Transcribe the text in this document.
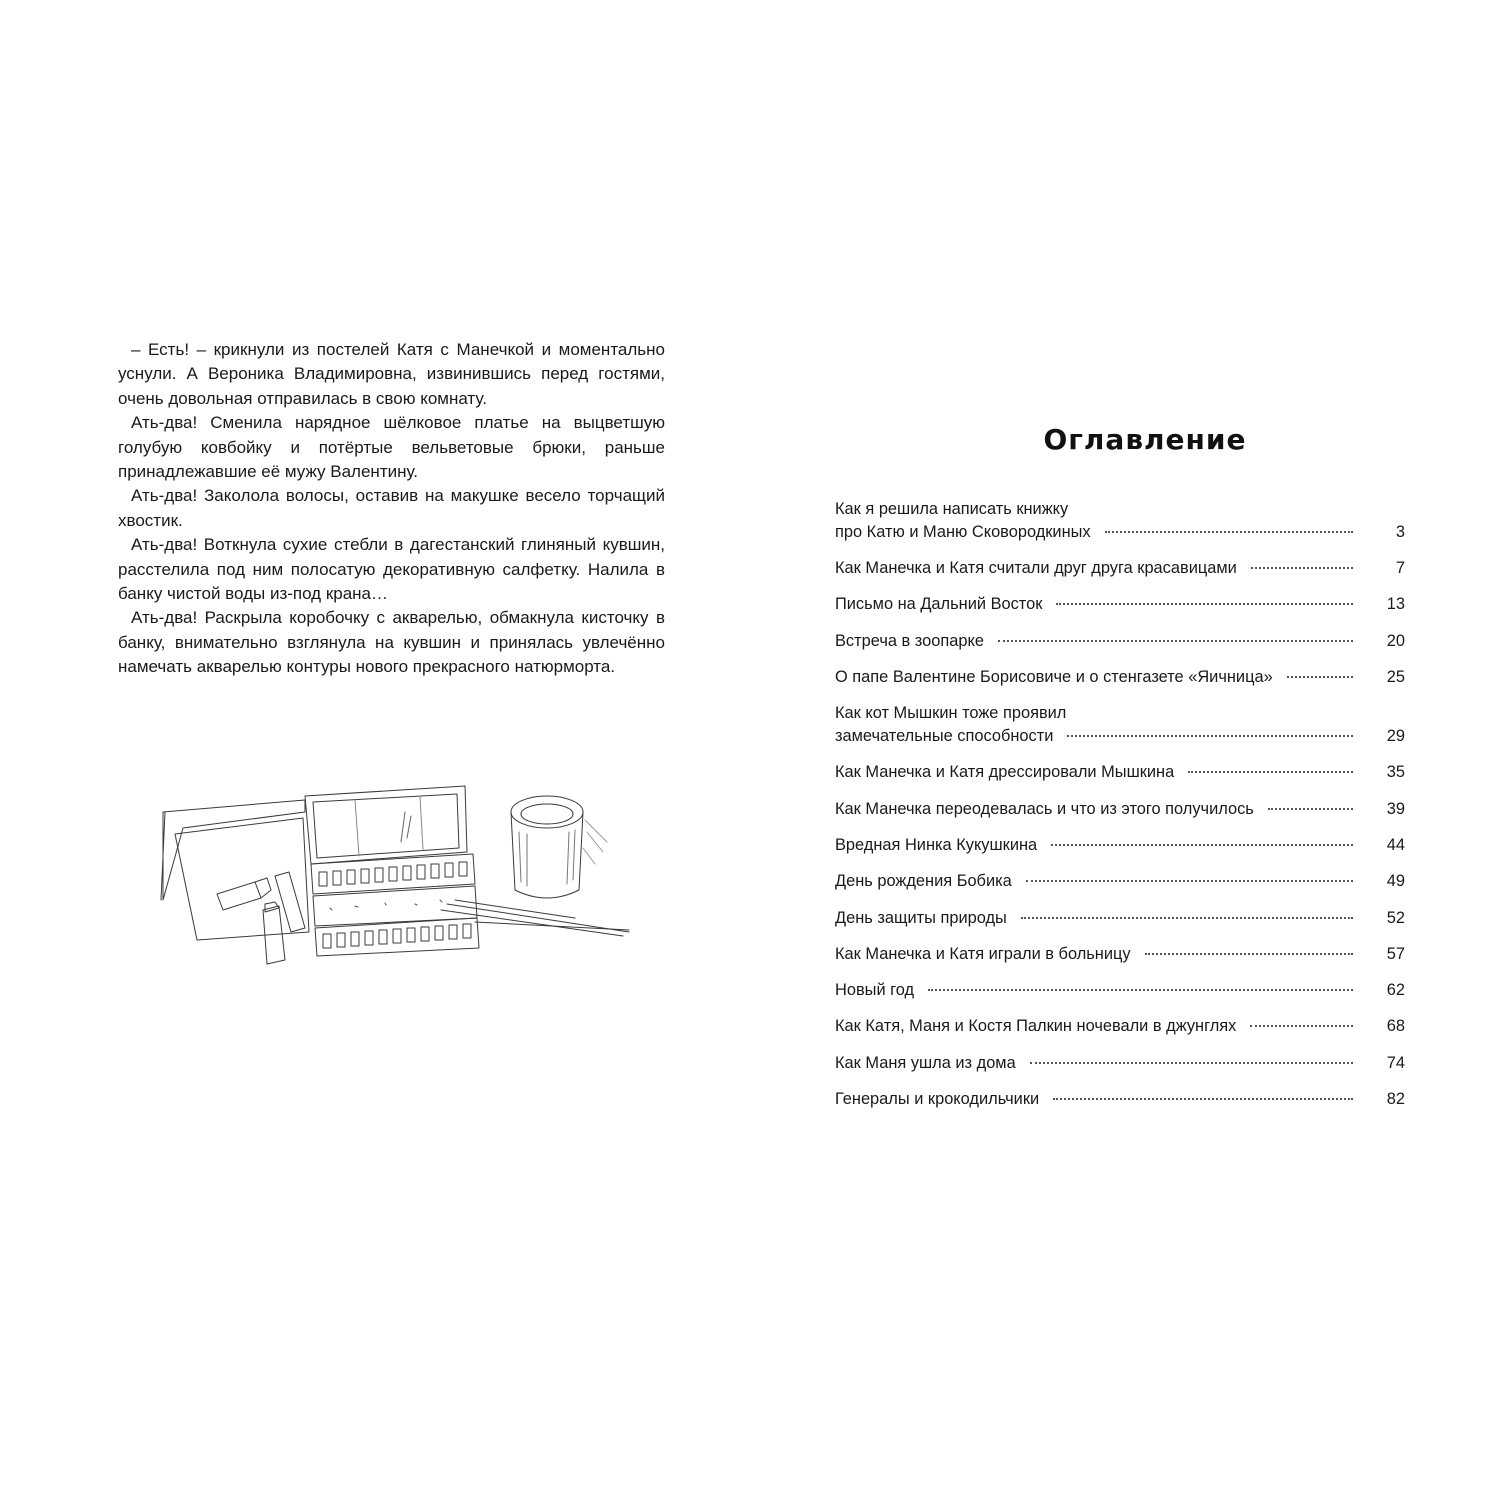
– Есть! – крикнули из постелей Катя с Манечкой и моментально уснули. А Вероника Владимировна, извинившись перед гостями, очень довольная отправилась в свою комнату.

Ать-два! Сменила нарядное шёлковое платье на выцветшую голубую ковбойку и потёртые вельветовые брюки, раньше принадлежавшие её мужу Валентину.

Ать-два! Заколола волосы, оставив на макушке весело торчащий хвостик.

Ать-два! Воткнула сухие стебли в дагестанский глиняный кувшин, расстелила под ним полосатую декоративную салфетку. Налила в банку чистой воды из-под крана…

Ать-два! Раскрыла коробочку с акварелью, обмакнула кисточку в банку, внимательно взглянула на кувшин и принялась увлечённо намечать акварелью контуры нового прекрасного натюрморта.

Оглавление
Как я решила написать книжку
про Катю и Маню Сковородкиных	3
Как Манечка и Катя считали друг друга красавицами	7
Письмо на Дальний Восток	13
Встреча в зоопарке	20
О папе Валентине Борисовиче и о стенгазете «Яичница»	25
Как кот Мышкин тоже проявил
замечательные способности	29
Как Манечка и Катя дрессировали Мышкина	35
Как Манечка переодевалась и что из этого получилось	39
Вредная Нинка Кукушкина	44
День рождения Бобика	49
День защиты природы	52
Как Манечка и Катя играли в больницу	57
Новый год	62
Как Катя, Маня и Костя Палкин ночевали в джунглях	68
Как Маня ушла из дома	74
Генералы и крокодильчики	82
